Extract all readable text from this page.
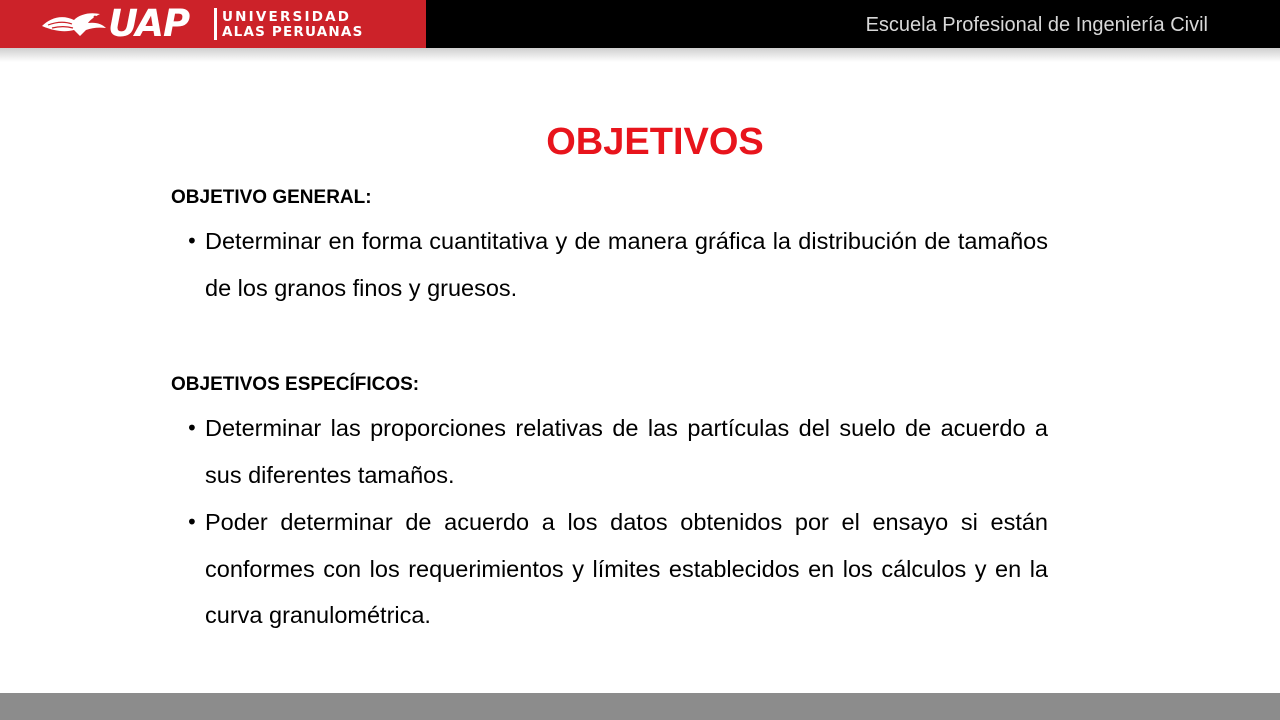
UAP UNIVERSIDAD
ALAS PERUANAS	Escuela Profesional de Ingeniería Civil
OBJETIVOS
OBJETIVO GENERAL:
• Determinar en forma cuantitativa y de manera gráfica la distribución de tamaños de los granos finos y gruesos.
OBJETIVOS ESPECÍFICOS:
• Determinar las proporciones relativas de las partículas del suelo de acuerdo a sus diferentes tamaños.
• Poder determinar de acuerdo a los datos obtenidos por el ensayo si están conformes con los requerimientos y límites establecidos en los cálculos y en la curva granulométrica.
